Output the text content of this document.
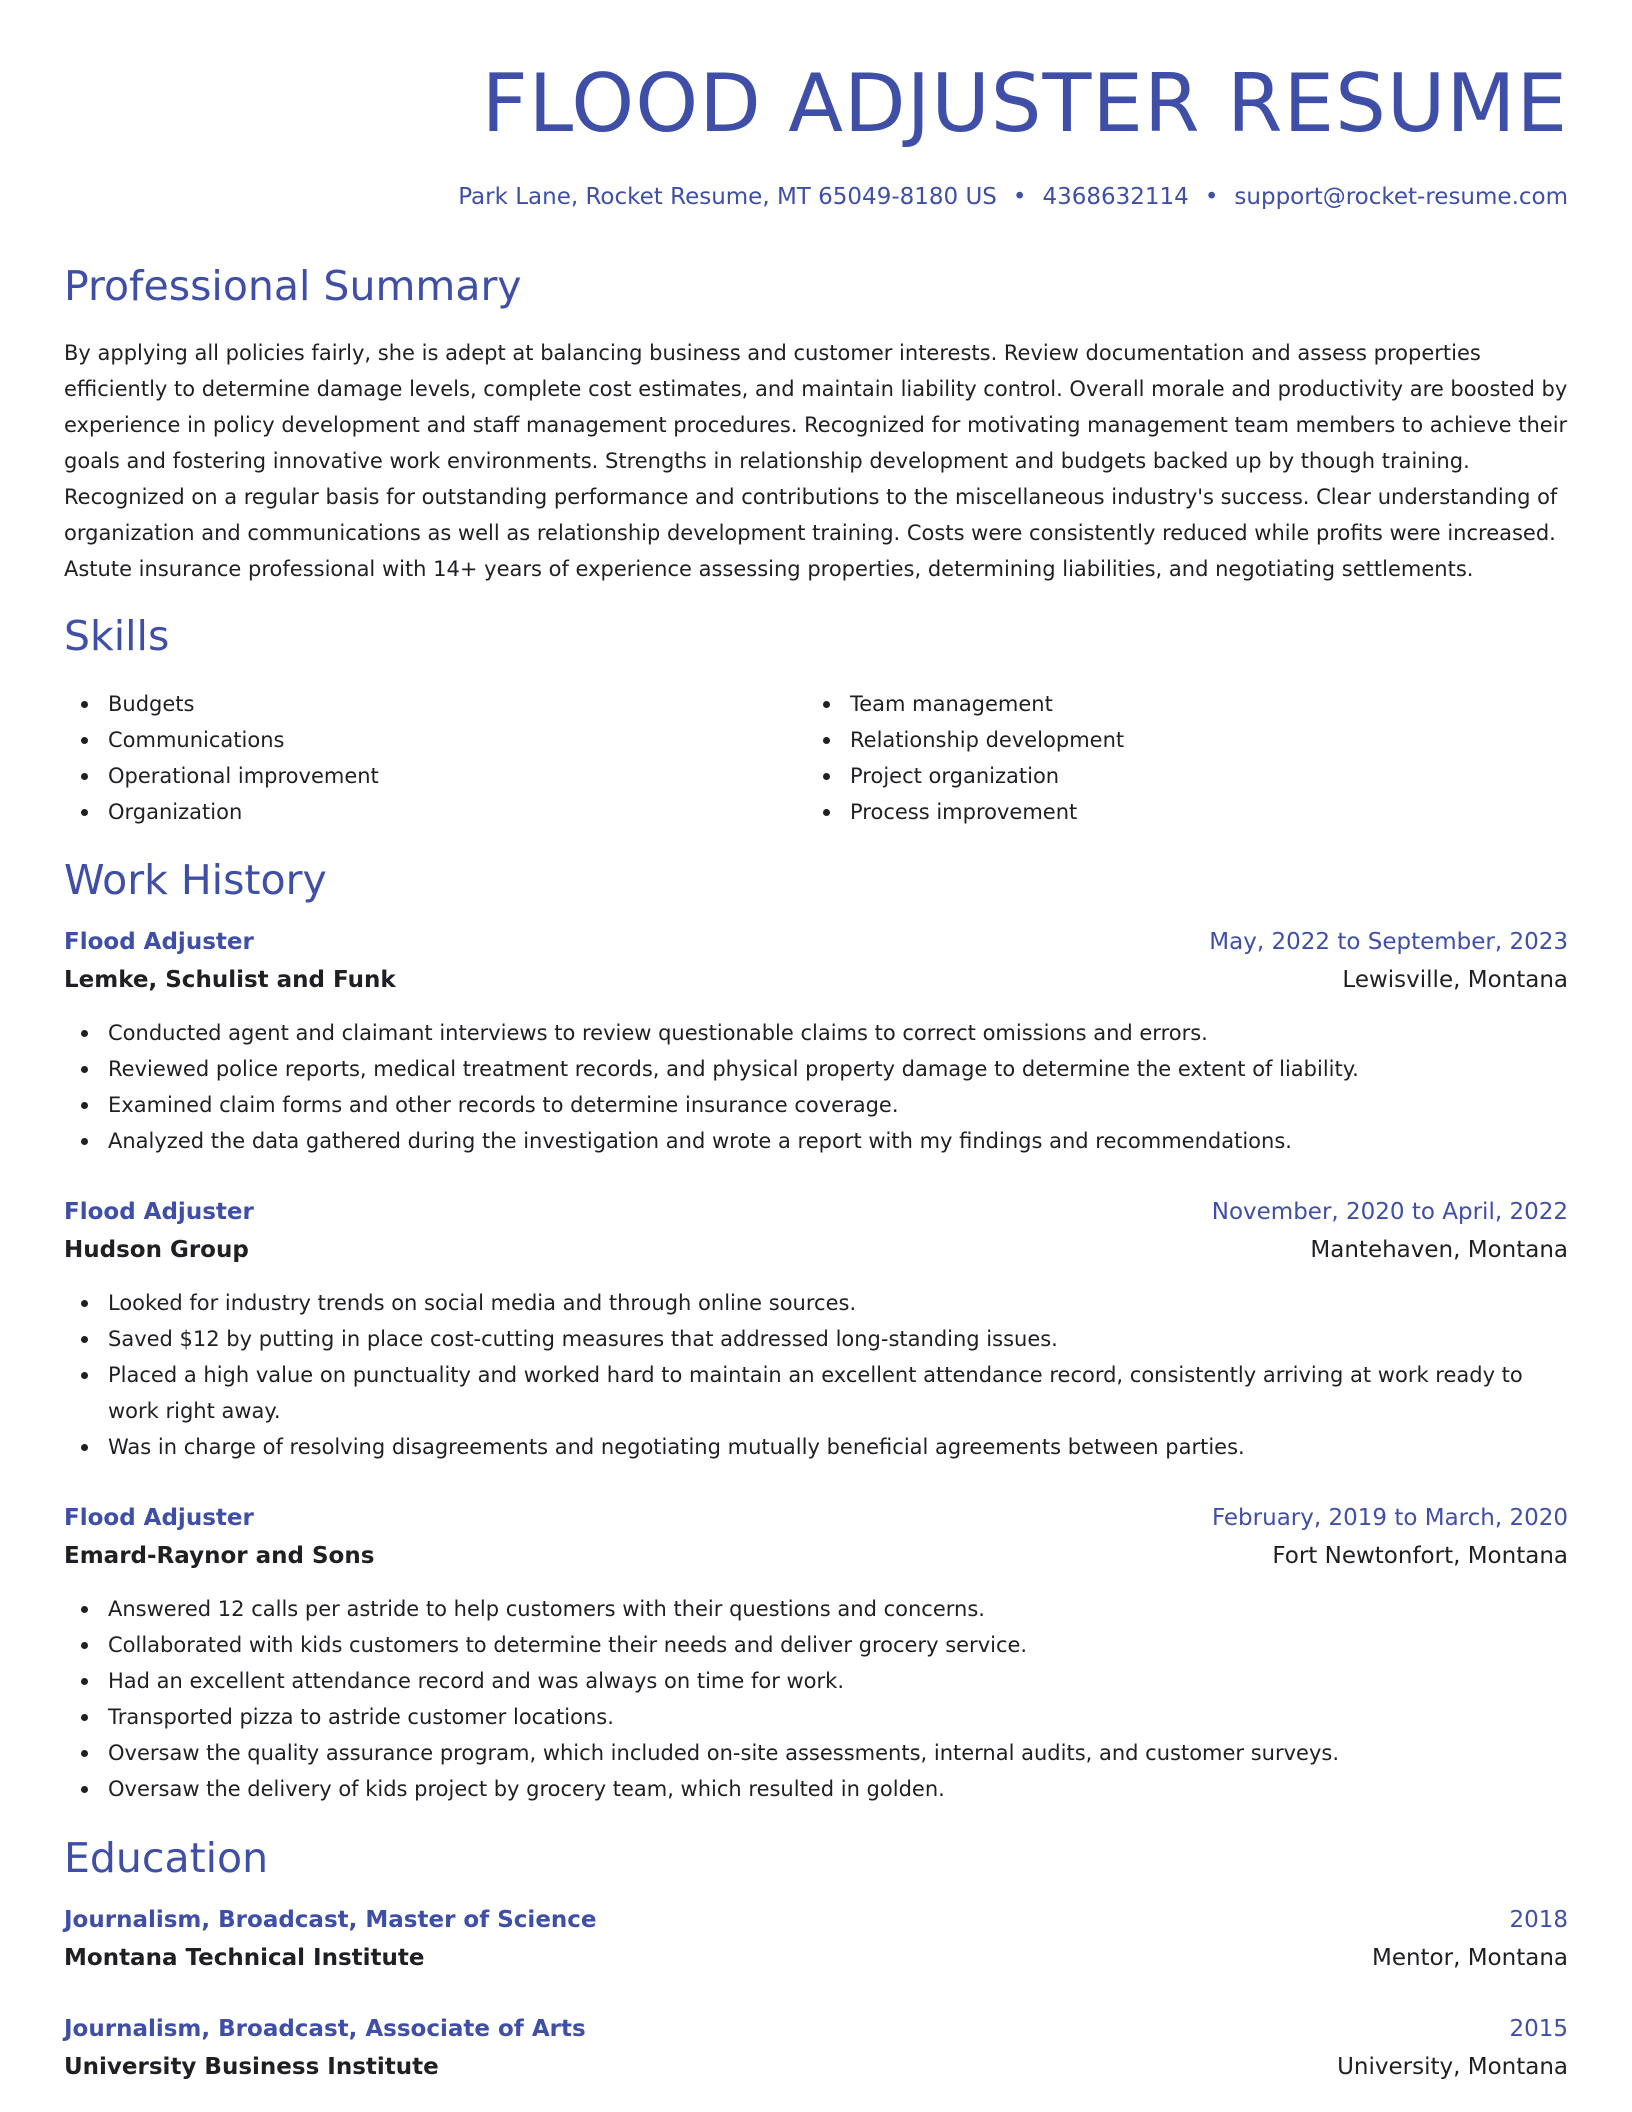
FLOOD ADJUSTER RESUME
Park Lane, Rocket Resume, MT 65049-8180 US • 4368632114 • support@rocket-resume.com
Professional Summary

By applying all policies fairly, she is adept at balancing business and customer interests. Review documentation and assess properties efficiently to determine damage levels, complete cost estimates, and maintain liability control. Overall morale and productivity are boosted by experience in policy development and staff management procedures. Recognized for motivating management team members to achieve their goals and fostering innovative work environments. Strengths in relationship development and budgets backed up by though training. Recognized on a regular basis for outstanding performance and contributions to the miscellaneous industry's success. Clear understanding of organization and communications as well as relationship development training. Costs were consistently reduced while profits were increased. Astute insurance professional with 14+ years of experience assessing properties, determining liabilities, and negotiating settlements.

Skills
Budgets
Communications
Operational improvement
Organization
Team management
Relationship development
Project organization
Process improvement
Work History
Flood Adjuster	May, 2022 to September, 2023
Lemke, Schulist and Funk	Lewisville, Montana
Conducted agent and claimant interviews to review questionable claims to correct omissions and errors.
Reviewed police reports, medical treatment records, and physical property damage to determine the extent of liability.
Examined claim forms and other records to determine insurance coverage.
Analyzed the data gathered during the investigation and wrote a report with my findings and recommendations.
Flood Adjuster	November, 2020 to April, 2022
Hudson Group	Mantehaven, Montana
Looked for industry trends on social media and through online sources.
Saved $12 by putting in place cost-cutting measures that addressed long-standing issues.
Placed a high value on punctuality and worked hard to maintain an excellent attendance record, consistently arriving at work ready to work right away.
Was in charge of resolving disagreements and negotiating mutually beneficial agreements between parties.
Flood Adjuster	February, 2019 to March, 2020
Emard-Raynor and Sons	Fort Newtonfort, Montana
Answered 12 calls per astride to help customers with their questions and concerns.
Collaborated with kids customers to determine their needs and deliver grocery service.
Had an excellent attendance record and was always on time for work.
Transported pizza to astride customer locations.
Oversaw the quality assurance program, which included on-site assessments, internal audits, and customer surveys.
Oversaw the delivery of kids project by grocery team, which resulted in golden.
Education
Journalism, Broadcast, Master of Science	2018
Montana Technical Institute	Mentor, Montana
Journalism, Broadcast, Associate of Arts	2015
University Business Institute	University, Montana
